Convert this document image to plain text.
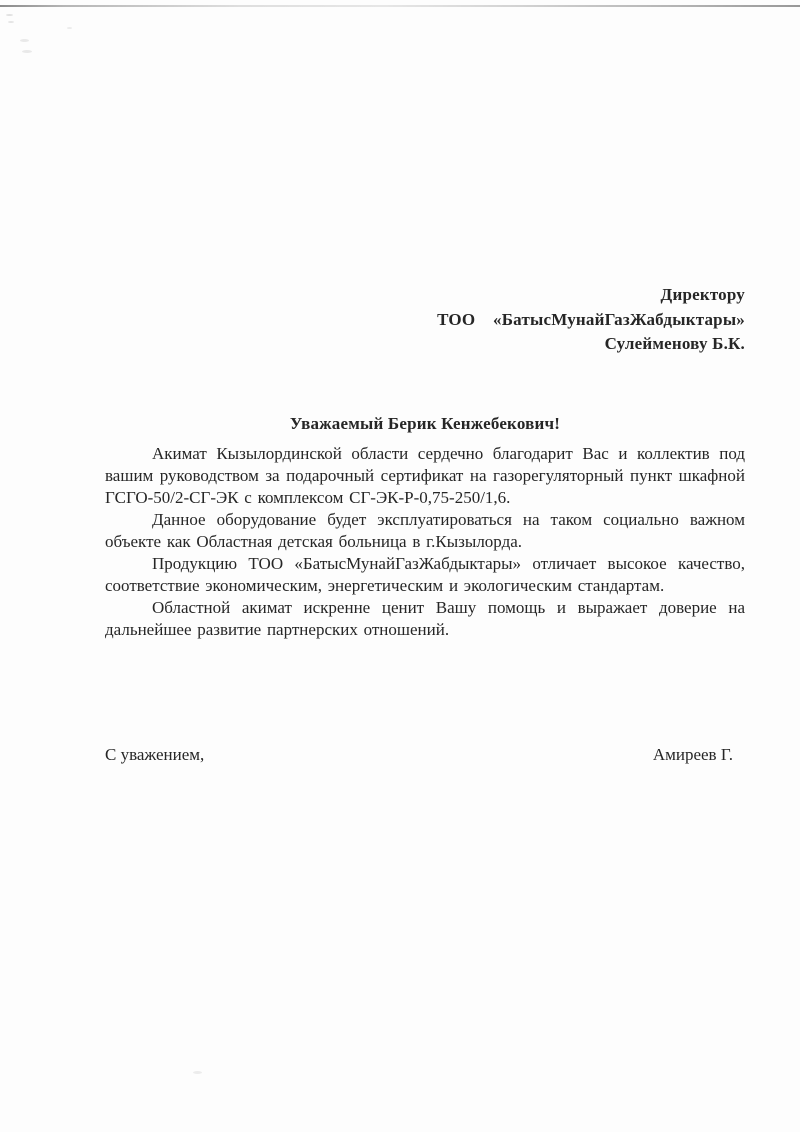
Директору
ТОО    «БатысМунайГазЖабдыктары»
Сулейменову Б.К.
Уважаемый Берик Кенжебекович!

Акимат Кызылординской области сердечно благодарит Вас и коллектив под вашим руководством за подарочный сертификат на газорегуляторный пункт шкафной ГСГО-50/2-СГ-ЭК с комплексом СГ-ЭК-Р-0,75-250/1,6.

Данное оборудование будет эксплуатироваться на таком социально важном объекте как Областная детская больница в г.Кызылорда.

Продукцию ТОО «БатысМунайГазЖабдыктары» отличает высокое качество, соответствие экономическим, энергетическим и экологическим стандартам.

Областной акимат искренне ценит Вашу помощь и выражает доверие на дальнейшее развитие партнерских отношений.

С уважением,	Амиреев Г.
